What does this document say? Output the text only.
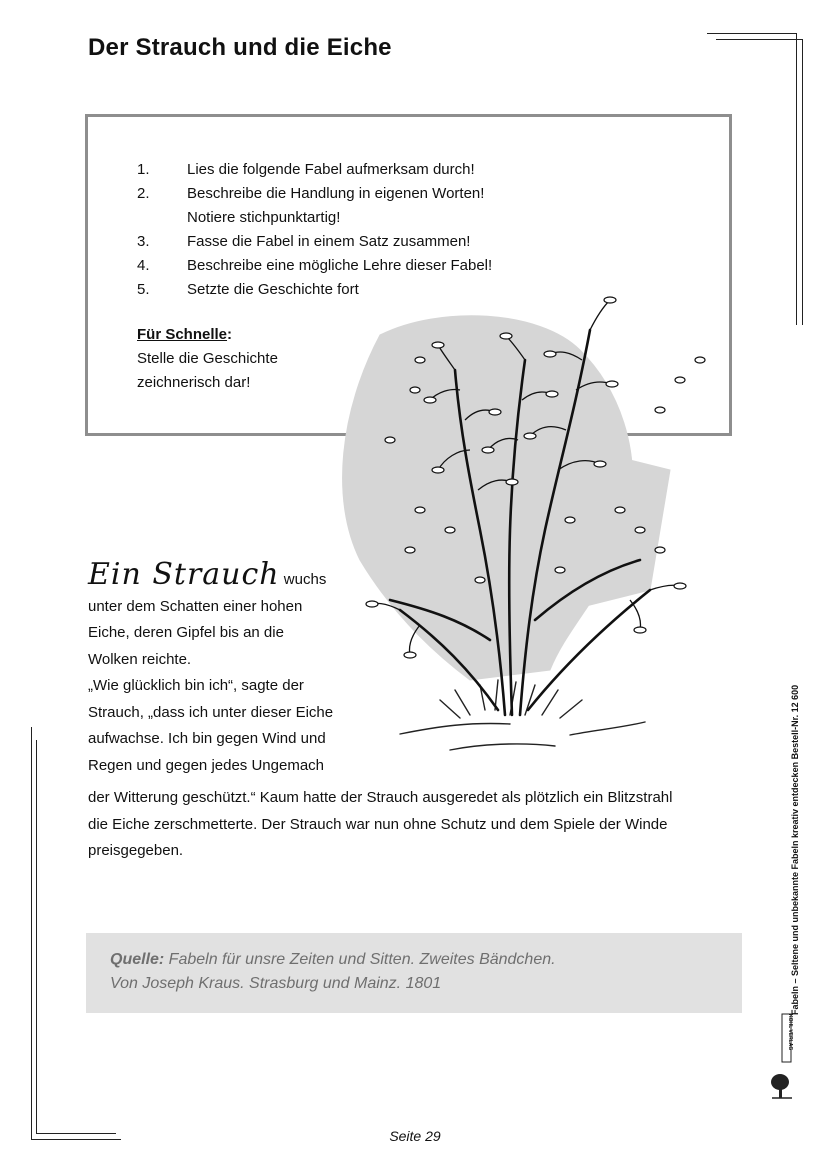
Der Strauch und die Eiche
1.	Lies die folgende Fabel aufmerksam durch!
2.	Beschreibe die Handlung in eigenen Worten!
Notiere stichpunktartig!
3.	Fasse die Fabel in einem Satz zusammen!
4.	Beschreibe eine mögliche Lehre dieser Fabel!
5.	Setzte die Geschichte fort
Für Schnelle:
Stelle die Geschichte
zeichnerisch dar!

Ein Strauch wuchs

unter dem Schatten einer hohen

Eiche, deren Gipfel bis an die

Wolken reichte.

„Wie glücklich bin ich“, sagte der

Strauch, „dass ich unter dieser Eiche

aufwachse. Ich bin gegen Wind und

Regen und gegen jedes Ungemach

der Witterung geschützt.“ Kaum hatte der Strauch ausgeredet als plötzlich ein Blitzstrahl
die Eiche zerschmetterte. Der Strauch war nun ohne Schutz und dem Spiele der Winde
preisgegeben.
Quelle: Fabeln für unsre Zeiten und Sitten. Zweites Bändchen.
Von Joseph Kraus. Strasburg und Mainz. 1801	Fabeln – Seltene und unbekannte Fabeln kreativ entdecken Bestell-Nr. 12 600
KOHL VERLAG
Seite 29
